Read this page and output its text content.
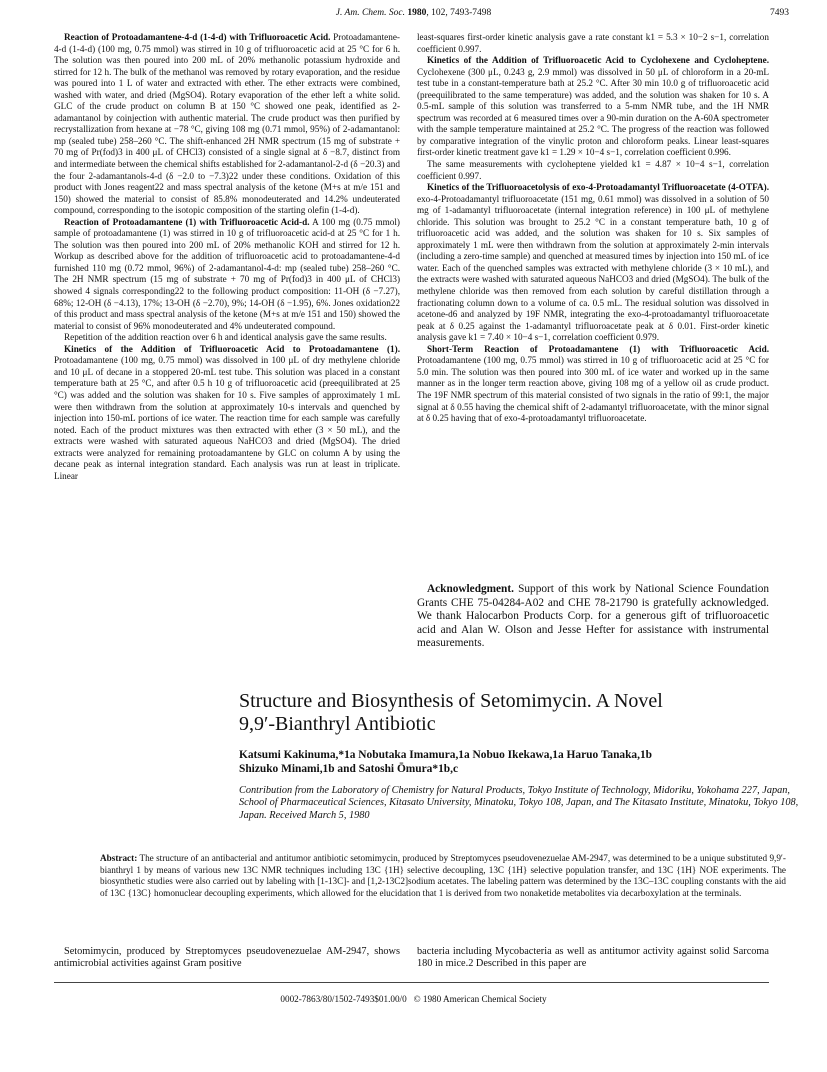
J. Am. Chem. Soc. 1980, 102, 7493-7498	7493

Reaction of Protoadamantene-4-d (1-4-d) with Trifluoroacetic Acid. Protoadamantene-4-d (1-4-d) (100 mg, 0.75 mmol) was stirred in 10 g of trifluoroacetic acid at 25 °C for 6 h. The solution was then poured into 200 mL of 20% methanolic potassium hydroxide and stirred for 12 h. The bulk of the methanol was removed by rotary evaporation, and the residue was poured into 1 L of water and extracted with ether. The ether extracts were combined, washed with water, and dried (MgSO4). Rotary evaporation of the ether left a white solid. GLC of the crude product on column B at 150 °C showed one peak, identified as 2-adamantanol by coinjection with authentic material. The crude product was then purified by recrystallization from hexane at −78 °C, giving 108 mg (0.71 mmol, 95%) of 2-adamantanol: mp (sealed tube) 258–260 °C. The shift-enhanced 2H NMR spectrum (15 mg of substrate + 70 mg of Pr(fod)3 in 400 μL of CHCl3) consisted of a single signal at δ −8.7, distinct from and intermediate between the chemical shifts established for 2-adamantanol-2-d (δ −20.3) and the four 2-adamantanols-4-d (δ −2.0 to −7.3)22 under these conditions. Oxidation of this product with Jones reagent22 and mass spectral analysis of the ketone (M+s at m/e 151 and 150) showed the material to consist of 85.8% monodeuterated and 14.2% undeuterated compound, corresponding to the isotopic composition of the starting olefin (1-4-d).

Reaction of Protoadamantene (1) with Trifluoroacetic Acid-d. A 100 mg (0.75 mmol) sample of protoadamantene (1) was stirred in 10 g of trifluoroacetic acid-d at 25 °C for 1 h. The solution was then poured into 200 mL of 20% methanolic KOH and stirred for 12 h. Workup as described above for the addition of trifluoroacetic acid to protoadamantene-4-d furnished 110 mg (0.72 mmol, 96%) of 2-adamantanol-4-d: mp (sealed tube) 258–260 °C. The 2H NMR spectrum (15 mg of substrate + 70 mg of Pr(fod)3 in 400 μL of CHCl3) showed 4 signals corresponding22 to the following product composition: 11-OH (δ −7.27), 68%; 12-OH (δ −4.13), 17%; 13-OH (δ −2.70), 9%; 14-OH (δ −1.95), 6%. Jones oxidation22 of this product and mass spectral analysis of the ketone (M+s at m/e 151 and 150) showed the material to consist of 96% monodeuterated and 4% undeuterated compound.

Repetition of the addition reaction over 6 h and identical analysis gave the same results.

Kinetics of the Addition of Trifluoroacetic Acid to Protoadamantene (1). Protoadamantene (100 mg, 0.75 mmol) was dissolved in 100 μL of dry methylene chloride and 10 μL of decane in a stoppered 20-mL test tube. This solution was placed in a constant temperature bath at 25 °C, and after 0.5 h 10 g of trifluoroacetic acid (preequilibrated at 25 °C) was added and the solution was shaken for 10 s. Five samples of approximately 1 mL were then withdrawn from the solution at approximately 10-s intervals and quenched by injection into 150-mL portions of ice water. The reaction time for each sample was carefully noted. Each of the product mixtures was then extracted with ether (3 × 50 mL), and the extracts were washed with saturated aqueous NaHCO3 and dried (MgSO4). The dried extracts were analyzed for remaining protoadamantene by GLC on column A by using the decane peak as internal integration standard. Each analysis was run at least in triplicate. Linear

least-squares first-order kinetic analysis gave a rate constant k1 = 5.3 × 10−2 s−1, correlation coefficient 0.997.

Kinetics of the Addition of Trifluoroacetic Acid to Cyclohexene and Cycloheptene. Cyclohexene (300 μL, 0.243 g, 2.9 mmol) was dissolved in 50 μL of chloroform in a 20-mL test tube in a constant-temperature bath at 25.2 °C. After 30 min 10.0 g of trifluoroacetic acid (preequilibrated to the same temperature) was added, and the solution was shaken for 10 s. A 0.5-mL sample of this solution was transferred to a 5-mm NMR tube, and the 1H NMR spectrum was recorded at 6 measured times over a 90-min duration on the A-60A spectrometer with the sample temperature maintained at 25.2 °C. The progress of the reaction was followed by comparative integration of the vinylic proton and chloroform peaks. Linear least-squares first-order kinetic treatment gave k1 = 1.29 × 10−4 s−1, correlation coefficient 0.996.

The same measurements with cycloheptene yielded k1 = 4.87 × 10−4 s−1, correlation coefficient 0.997.

Kinetics of the Trifluoroacetolysis of exo-4-Protoadamantyl Trifluoroacetate (4-OTFA). exo-4-Protoadamantyl trifluoroacetate (151 mg, 0.61 mmol) was dissolved in a solution of 50 mg of 1-adamantyl trifluoroacetate (internal integration reference) in 100 μL of methylene chloride. This solution was brought to 25.2 °C in a constant temperature bath, 10 g of trifluoroacetic acid was added, and the solution was shaken for 10 s. Six samples of approximately 1 mL were then withdrawn from the solution at approximately 2-min intervals (including a zero-time sample) and quenched at measured times by injection into 150 mL of ice water. Each of the quenched samples was extracted with methylene chloride (3 × 10 mL), and the extracts were washed with saturated aqueous NaHCO3 and dried (MgSO4). The bulk of the methylene chloride was then removed from each solution by careful distillation through a fractionating column down to a volume of ca. 0.5 mL. The residual solution was dissolved in acetone-d6 and analyzed by 19F NMR, integrating the exo-4-protoadamantyl trifluoroacetate peak at δ 0.25 against the 1-adamantyl trifluoroacetate peak at δ 0.01. First-order kinetic analysis gave k1 = 7.40 × 10−4 s−1, correlation coefficient 0.979.

Short-Term Reaction of Protoadamantene (1) with Trifluoroacetic Acid. Protoadamantene (100 mg, 0.75 mmol) was stirred in 10 g of trifluoroacetic acid at 25 °C for 5.0 min. The solution was then poured into 300 mL of ice water and worked up in the same manner as in the longer term reaction above, giving 108 mg of a yellow oil as crude product. The 19F NMR spectrum of this material consisted of two signals in the ratio of 99:1, the major signal at δ 0.55 having the chemical shift of 2-adamantyl trifluoroacetate, with the minor signal at δ 0.25 having that of exo-4-protoadamantyl trifluoroacetate.

Acknowledgment. Support of this work by National Science Foundation Grants CHE 75-04284-A02 and CHE 78-21790 is gratefully acknowledged. We thank Halocarbon Products Corp. for a generous gift of trifluoroacetic acid and Alan W. Olson and Jesse Hefter for assistance with instrumental measurements.

Structure and Biosynthesis of Setomimycin. A Novel
9,9′-Bianthryl Antibiotic
Katsumi Kakinuma,*1a Nobutaka Imamura,1a Nobuo Ikekawa,1a Haruo Tanaka,1b
Shizuko Minami,1b and Satoshi Ōmura*1b,c
Contribution from the Laboratory of Chemistry for Natural Products, Tokyo Institute of Technology, Midoriku, Yokohama 227, Japan, School of Pharmaceutical Sciences, Kitasato University, Minatoku, Tokyo 108, Japan, and The Kitasato Institute, Minatoku, Tokyo 108, Japan. Received March 5, 1980
Abstract: The structure of an antibacterial and antitumor antibiotic setomimycin, produced by Streptomyces pseudovenezuelae AM-2947, was determined to be a unique substituted 9,9′-bianthryl 1 by means of various new 13C NMR techniques including 13C {1H} selective decoupling, 13C {1H} selective population transfer, and 13C {1H} NOE experiments. The biosynthetic studies were also carried out by labeling with [1-13C]- and [1,2-13C2]sodium acetates. The labeling pattern was determined by the 13C–13C coupling constants with the aid of 13C {13C} homonuclear decoupling experiments, which allowed for the elucidation that 1 is derived from two nonaketide metabolites via decarboxylation at the terminals.
Setomimycin, produced by Streptomyces pseudovenezuelae AM-2947, shows antimicrobial activities against Gram positive
bacteria including Mycobacteria as well as antitumor activity against solid Sarcoma 180 in mice.2 Described in this paper are
0002-7863/80/1502-7493$01.00/0 © 1980 American Chemical Society
